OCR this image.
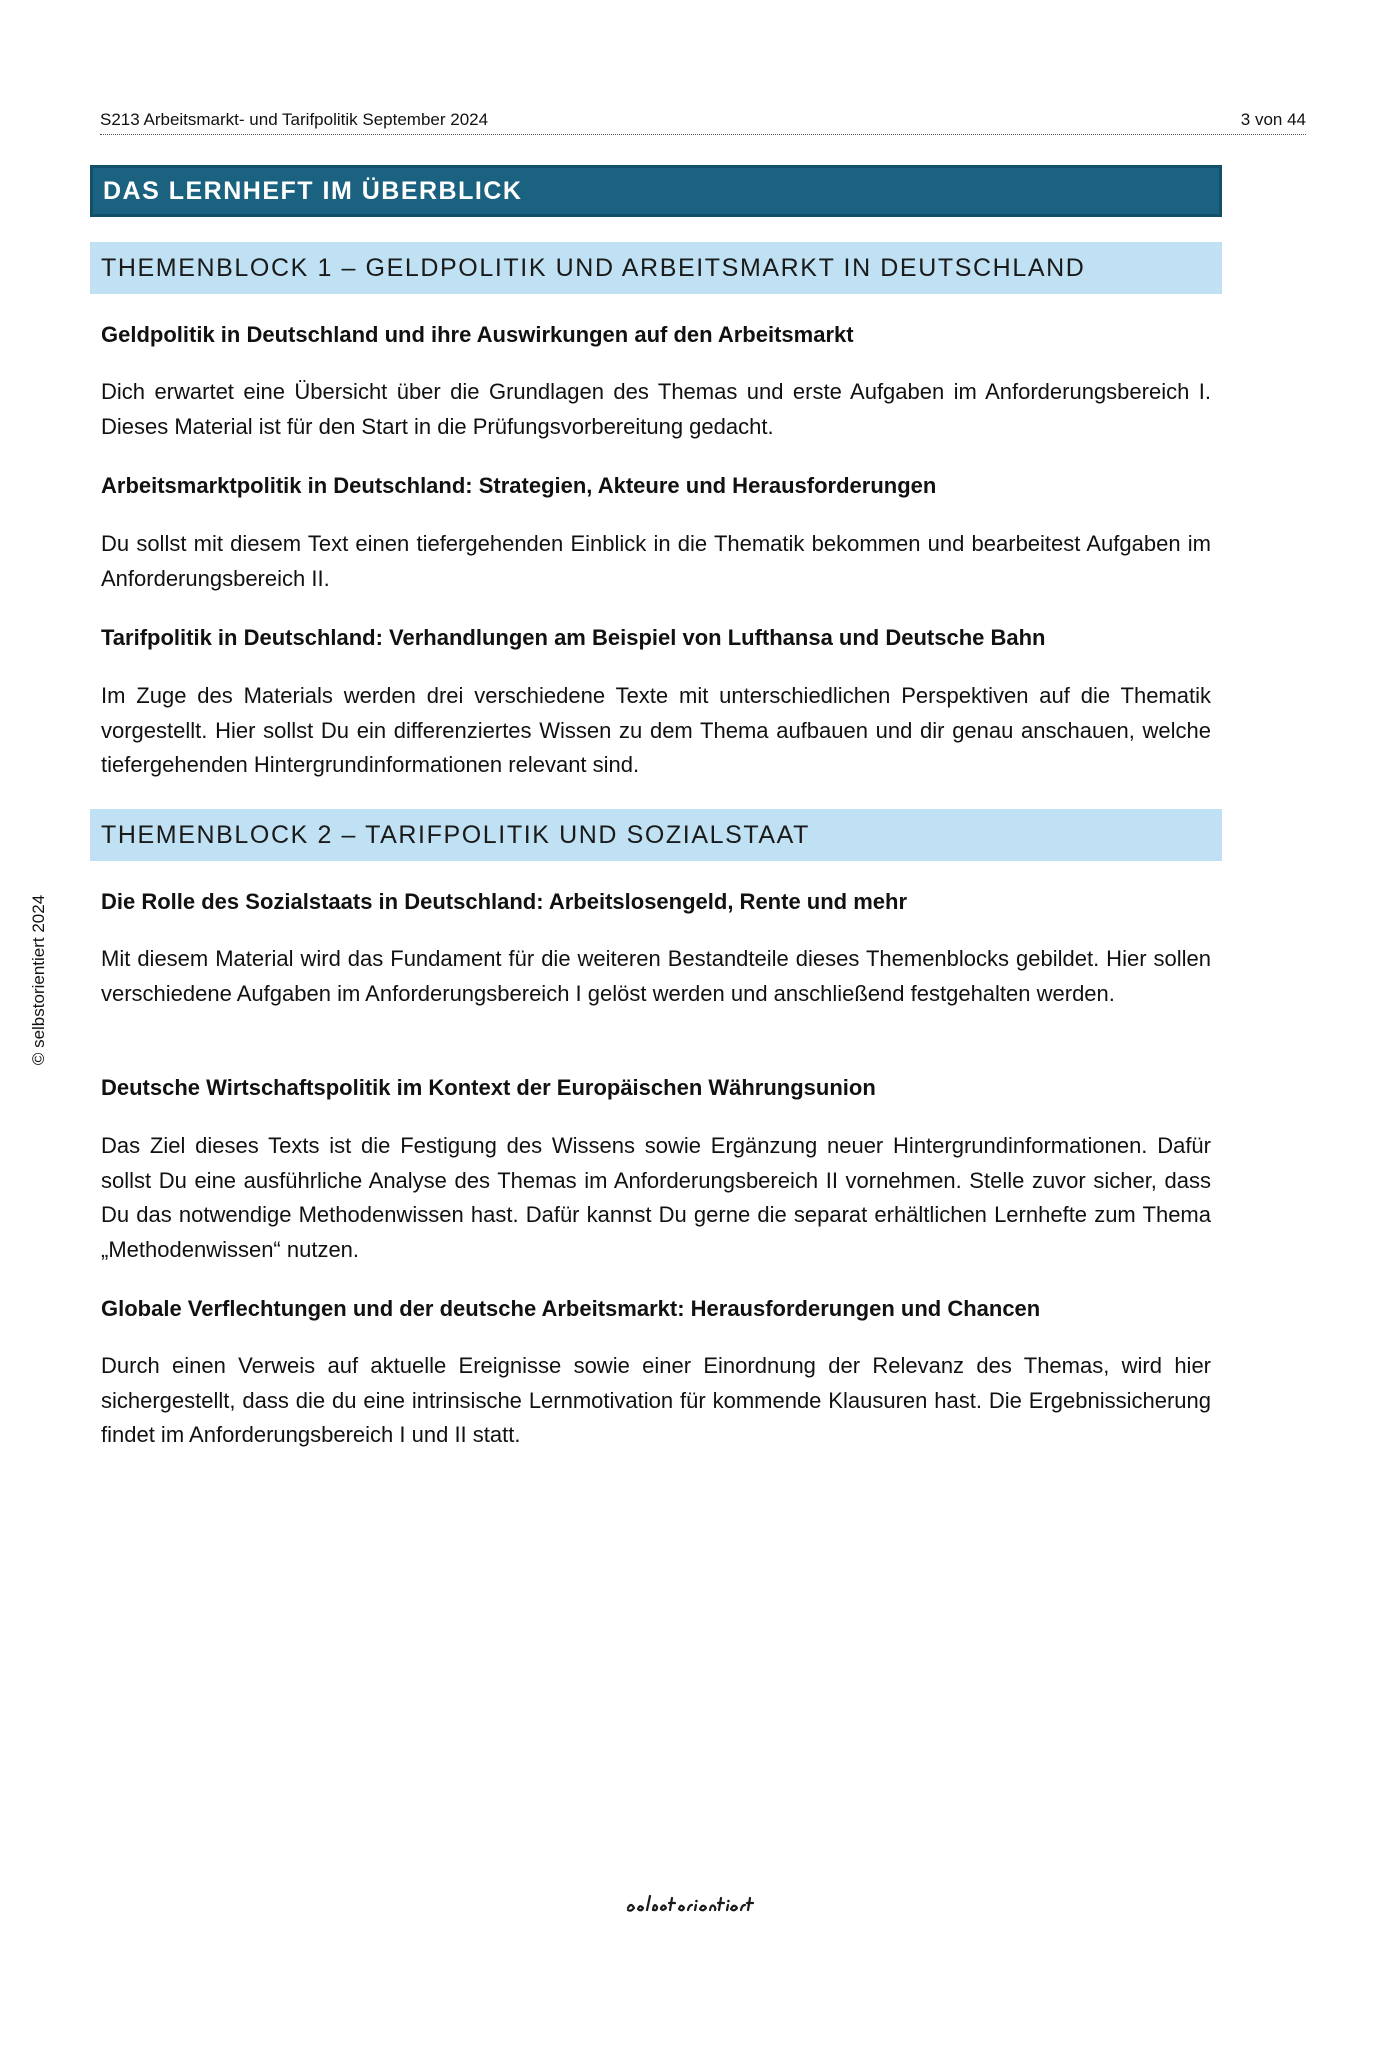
S213 Arbeitsmarkt- und Tarifpolitik September 2024	3 von 44
DAS LERNHEFT IM ÜBERBLICK
THEMENBLOCK 1 – GELDPOLITIK UND ARBEITSMARKT IN DEUTSCHLAND
Geldpolitik in Deutschland und ihre Auswirkungen auf den Arbeitsmarkt
Dich erwartet eine Übersicht über die Grundlagen des Themas und erste Aufgaben im Anforderungsbereich I. Dieses Material ist für den Start in die Prüfungsvorbereitung gedacht.
Arbeitsmarktpolitik in Deutschland: Strategien, Akteure und Herausforderungen
Du sollst mit diesem Text einen tiefergehenden Einblick in die Thematik bekommen und bearbeitest Aufgaben im Anforderungsbereich II.
Tarifpolitik in Deutschland: Verhandlungen am Beispiel von Lufthansa und Deutsche Bahn
Im Zuge des Materials werden drei verschiedene Texte mit unterschiedlichen Perspektiven auf die Thematik vorgestellt. Hier sollst Du ein differenziertes Wissen zu dem Thema aufbauen und dir genau anschauen, welche tiefergehenden Hintergrundinformationen relevant sind.
THEMENBLOCK 2 – TARIFPOLITIK UND SOZIALSTAAT
Die Rolle des Sozialstaats in Deutschland: Arbeitslosengeld, Rente und mehr
Mit diesem Material wird das Fundament für die weiteren Bestandteile dieses Themenblocks gebildet. Hier sollen verschiedene Aufgaben im Anforderungsbereich I gelöst werden und anschließend festgehalten werden.
Deutsche Wirtschaftspolitik im Kontext der Europäischen Währungsunion
Das Ziel dieses Texts ist die Festigung des Wissens sowie Ergänzung neuer Hintergrundinformationen. Dafür sollst Du eine ausführliche Analyse des Themas im Anforderungsbereich II vornehmen. Stelle zuvor sicher, dass Du das notwendige Methodenwissen hast. Dafür kannst Du gerne die separat erhältlichen Lernhefte zum Thema „Methodenwissen“ nutzen.
Globale Verflechtungen und der deutsche Arbeitsmarkt: Herausforderungen und Chancen
Durch einen Verweis auf aktuelle Ereignisse sowie einer Einordnung der Relevanz des Themas, wird hier sichergestellt, dass die du eine intrinsische Lernmotivation für kommende Klausuren hast. Die Ergebnissicherung findet im Anforderungsbereich I und II statt.
© selbstorientiert 2024
